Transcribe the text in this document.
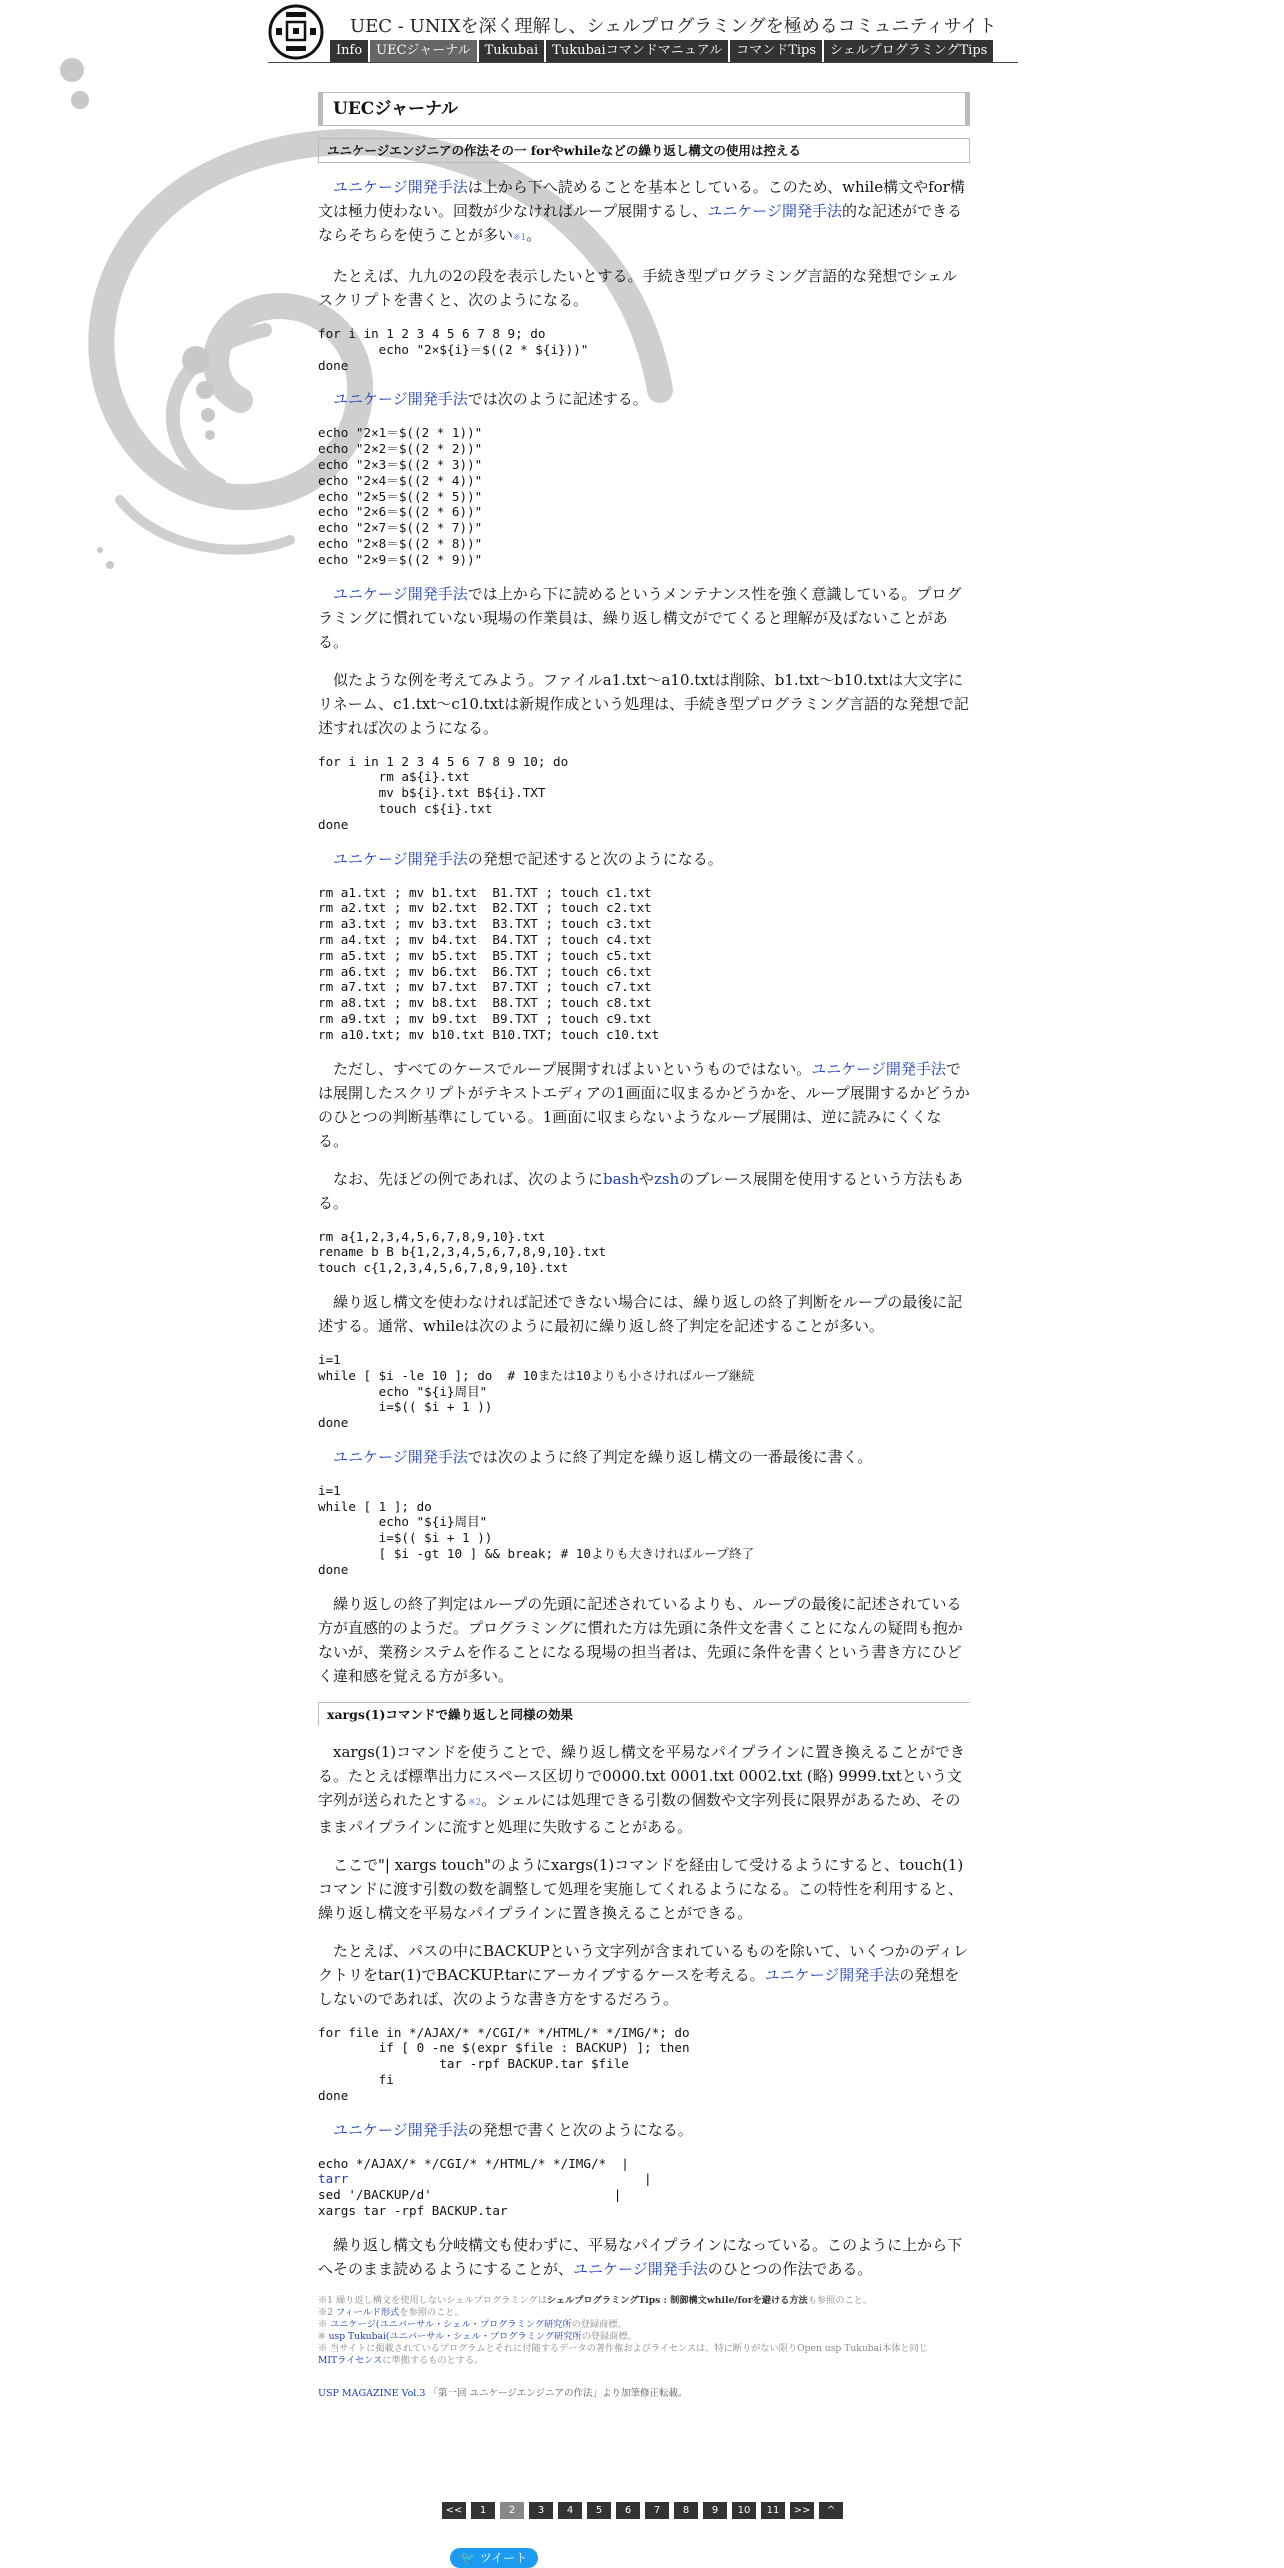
UEC - UNIXを深く理解し、シェルプログラミングを極めるコミュニティサイト
Info	UECジャーナル	Tukubai	Tukubaiコマンドマニュアル	コマンドTips	シェルプログラミングTips
UECジャーナル
ユニケージエンジニアの作法その一 forやwhileなどの繰り返し構文の使用は控える

ユニケージ開発手法は上から下へ読めることを基本としている。このため、while構文やfor構文は極力使わない。回数が少なければループ展開するし、ユニケージ開発手法的な記述ができるならそちらを使うことが多い※1。

たとえば、九九の2の段を表示したいとする。手続き型プログラミング言語的な発想でシェルスクリプトを書くと、次のようになる。

for i in 1 2 3 4 5 6 7 8 9; do
echo "2×${i}＝$((2 * ${i}))"
done

ユニケージ開発手法では次のように記述する。

echo "2×1＝$((2 * 1))"
echo "2×2＝$((2 * 2))"
echo "2×3＝$((2 * 3))"
echo "2×4＝$((2 * 4))"
echo "2×5＝$((2 * 5))"
echo "2×6＝$((2 * 6))"
echo "2×7＝$((2 * 7))"
echo "2×8＝$((2 * 8))"
echo "2×9＝$((2 * 9))"

ユニケージ開発手法では上から下に読めるというメンテナンス性を強く意識している。プログラミングに慣れていない現場の作業員は、繰り返し構文がでてくると理解が及ばないことがある。

似たような例を考えてみよう。ファイルa1.txt〜a10.txtは削除、b1.txt〜b10.txtは大文字にリネーム、c1.txt〜c10.txtは新規作成という処理は、手続き型プログラミング言語的な発想で記述すれば次のようになる。

for i in 1 2 3 4 5 6 7 8 9 10; do
rm a${i}.txt
mv b${i}.txt B${i}.TXT
touch c${i}.txt
done

ユニケージ開発手法の発想で記述すると次のようになる。

rm a1.txt ; mv b1.txt  B1.TXT ; touch c1.txt
rm a2.txt ; mv b2.txt  B2.TXT ; touch c2.txt
rm a3.txt ; mv b3.txt  B3.TXT ; touch c3.txt
rm a4.txt ; mv b4.txt  B4.TXT ; touch c4.txt
rm a5.txt ; mv b5.txt  B5.TXT ; touch c5.txt
rm a6.txt ; mv b6.txt  B6.TXT ; touch c6.txt
rm a7.txt ; mv b7.txt  B7.TXT ; touch c7.txt
rm a8.txt ; mv b8.txt  B8.TXT ; touch c8.txt
rm a9.txt ; mv b9.txt  B9.TXT ; touch c9.txt
rm a10.txt; mv b10.txt B10.TXT; touch c10.txt

ただし、すべてのケースでループ展開すればよいというものではない。ユニケージ開発手法では展開したスクリプトがテキストエディアの1画面に収まるかどうかを、ループ展開するかどうかのひとつの判断基準にしている。1画面に収まらないようなループ展開は、逆に読みにくくなる。

なお、先ほどの例であれば、次のようにbashやzshのブレース展開を使用するという方法もある。

rm a{1,2,3,4,5,6,7,8,9,10}.txt
rename b B b{1,2,3,4,5,6,7,8,9,10}.txt
touch c{1,2,3,4,5,6,7,8,9,10}.txt

繰り返し構文を使わなければ記述できない場合には、繰り返しの終了判断をループの最後に記述する。通常、whileは次のように最初に繰り返し終了判定を記述することが多い。

i=1
while [ $i -le 10 ]; do  # 10または10よりも小さければループ継続
echo "${i}周目"
i=$(( $i + 1 ))
done

ユニケージ開発手法では次のように終了判定を繰り返し構文の一番最後に書く。

i=1
while [ 1 ]; do
echo "${i}周目"
i=$(( $i + 1 ))
[ $i -gt 10 ] && break; # 10よりも大きければループ終了
done

繰り返しの終了判定はループの先頭に記述されているよりも、ループの最後に記述されている方が直感的のようだ。プログラミングに慣れた方は先頭に条件文を書くことになんの疑問も抱かないが、業務システムを作ることになる現場の担当者は、先頭に条件を書くという書き方にひどく違和感を覚える方が多い。

xargs(1)コマンドで繰り返しと同様の効果

xargs(1)コマンドを使うことで、繰り返し構文を平易なパイプラインに置き換えることができる。たとえば標準出力にスペース区切りで0000.txt 0001.txt 0002.txt (略) 9999.txtという文字列が送られたとする※2。シェルには処理できる引数の個数や文字列長に限界があるため、そのままパイプラインに流すと処理に失敗することがある。

ここで"| xargs touch"のようにxargs(1)コマンドを経由して受けるようにすると、touch(1)コマンドに渡す引数の数を調整して処理を実施してくれるようになる。この特性を利用すると、繰り返し構文を平易なパイプラインに置き換えることができる。

たとえば、パスの中にBACKUPという文字列が含まれているものを除いて、いくつかのディレクトリをtar(1)でBACKUP.tarにアーカイブするケースを考える。ユニケージ開発手法の発想をしないのであれば、次のような書き方をするだろう。

for file in */AJAX/* */CGI/* */HTML/* */IMG/*; do
if [ 0 -ne $(expr $file : BACKUP) ]; then
tar -rpf BACKUP.tar $file
fi
done

ユニケージ開発手法の発想で書くと次のようになる。

echo */AJAX/* */CGI/* */HTML/* */IMG/*  |
tarr                                       |
sed '/BACKUP/d'                        |
xargs tar -rpf BACKUP.tar

繰り返し構文も分岐構文も使わずに、平易なパイプラインになっている。このように上から下へそのまま読めるようにすることが、ユニケージ開発手法のひとつの作法である。

※1 繰り返し構文を使用しないシェルプログラミングはシェルプログラミングTips : 制御構文while/forを避ける方法も参照のこと。
※2 フィールド形式を参照のこと。
※ ユニケージ(ユニバーサル・シェル・プログラミング研究所の登録商標。
※ usp Tukubai(ユニバーサル・シェル・プログラミング研究所の登録商標。
※ 当サイトに掲載されているプログラムとそれに付随するデータの著作権およびライセンスは、特に断りがない限りOpen usp Tukubai本体と同じ
MITライセンスに準拠するものとする。
USP MAGAZINE Vol.3 「第一回 ユニケージエンジニアの作法」より加筆修正転載。
<<	1	2	3	4	5	6	7	8	9	10	11	>>	^
🐦 ツイート
